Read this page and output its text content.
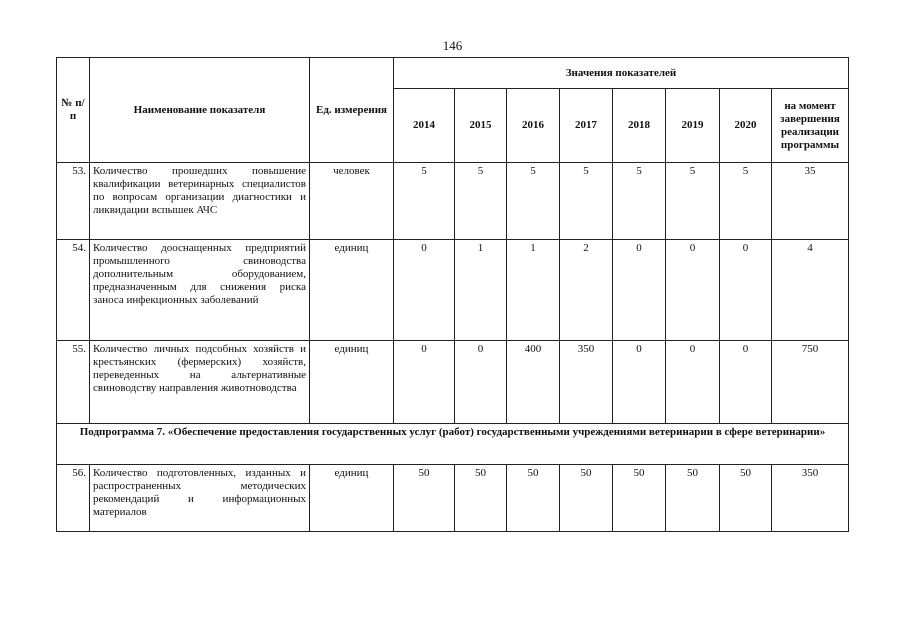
146
№ п/п	Наименование показателя	Ед. измерения	Значения показателей							
			2014	2015	2016	2017	2018	2019	2020	на момент завершения реализации программы
53.	Количество прошедших повышение квалификации ветеринарных специалистов по вопросам организации диагностики и ликвидации вспышек АЧС	человек	5	5	5	5	5	5	5	35
54.	Количество дооснащенных предприятий промышленного свиноводства дополнительным оборудованием, предназначенным для снижения риска заноса инфекционных заболеваний	единиц	0	1	1	2	0	0	0	4
55.	Количество личных подсобных хозяйств и крестьянских (фермерских) хозяйств, переведенных на альтернативные свиноводству направления животноводства	единиц	0	0	400	350	0	0	0	750
Подпрограмма 7. «Обеспечение предоставления государственных услуг (работ) государственными учреждениями ветеринарии в сфере ветеринарии»										
56.	Количество подготовленных, изданных и распространенных методических рекомендаций и информационных материалов	единиц	50	50	50	50	50	50	50	350
